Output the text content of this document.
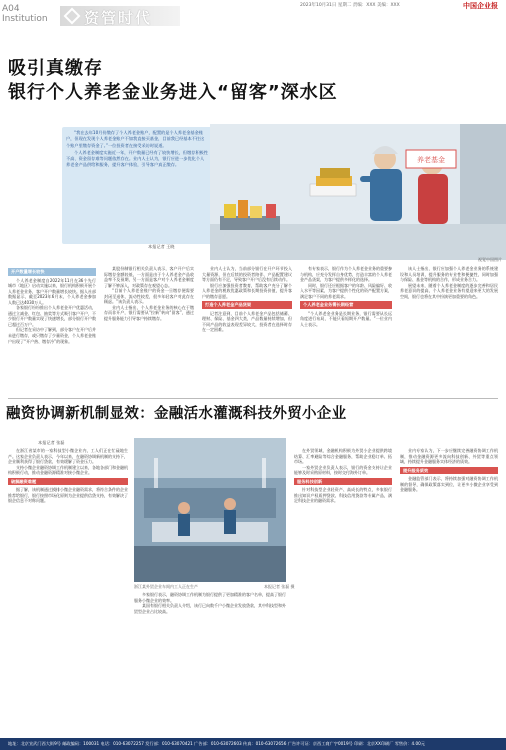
2023年10月31日 星期二 责编：XXX 美编：XXX	中国企业报
A04
Institution 资管时代
吸引真缴存
银行个人养老金业务进入“留客”深水区

“我在去年10月份缴存了个人养老金账户，配置的是个人养老金基金账户，但现在发现个人养老金账户不如我直接买基金，目前我已经基本不往这个账户里缴存资金了。”一位投资者在接受采访时说道。

个人养老金制度实施近一年，开户数量已经有了较快增长，但缴存积极性不高、资金留存难等问题依然存在。业内人士认为，银行应进一步优化个人养老金产品供给和服务，提升客户体验，引导客户真正缴存。

本报记者 王晓
养老基金
视觉中国图片
开户数量增长较快

个人养老金制度自2022年11月在36个先行城市（地区）启动实施以来，银行机构积极开展个人养老金业务，客户开户数量增长较快。据人社部数据显示，截至2023年6月末，个人养老金参加人数已达4030万人。

各家银行纷纷推出个人养老金开户优惠活动，通过立减金、红包、抽奖等方式吸引客户开户，不少银行开户数量实现了快速增长，部分银行开户数已超过百万户。

但记者在采访中了解到，部分客户在开户后并未进行缴存，或只缴存了少量资金，个人养老金账户出现了“开户热、缴存冷”的现象。

某股份制银行相关负责人表示，客户开户后实际缴存金额较低，一方面是由于个人养老金产品收益率不及预期，另一方面是客户对个人养老金制度了解不够深入，对政策存在观望心态。

“目前个人养老金账户的资金一旦缴存便需要封闭至退休，流动性较差，很多年轻客户对此存在顾虑。”该负责人表示。

业内人士指出，个人养老金业务的核心在于缴存而非开户，银行需要从“拉新”转向“留客”，通过提升服务能力引导客户持续缴存。

业内人士认为，当前部分银行在开户环节投入大量资源，但在后续的投资者陪伴、产品配置建议等方面仍有不足，导致客户开户后没有后续动作。

银行应加强投资者教育，帮助客户充分了解个人养老金的税收优惠政策和长期投资价值，提升客户的缴存意愿。

打造个人养老金产品货架

记者注意到，目前个人养老金产品包括储蓄、理财、保险、基金四大类，产品数量持续增加，但不同产品的收益表现差异较大，投资者在选择时存在一定困难。

有专家表示，银行作为个人养老金业务的重要参与机构，应充分发挥自身优势，打造丰富的个人养老金产品货架，为客户提供多样化的选择。

同时，银行还应根据客户的年龄、风险偏好、收入水平等因素，为客户提供个性化的资产配置方案，满足客户不同的养老需求。

个人养老金业务需长期经营

“个人养老金业务是长期业务，银行需要从长远角度进行布局，不能只看短期开户数量。”一位业内人士表示。

该人士指出，银行应加强个人养老金业务的系统建设和人员培训，提升服务的专业性和便捷性，同时加强与保险、基金等机构的合作，形成业务合力。

展望未来，随着个人养老金制度的逐步完善和居民养老意识的提高，个人养老金业务有望迎来更大的发展空间，银行也将在其中扮演更加重要的角色。

融资协调新机制显效：金融活水灌溉科技外贸小企业
本报记者 张磊

在浙江省某市的一家科技型小微企业内，工人们正在忙碌地生产。这家企业负责人表示，今年以来，在融资协调新机制的支持下，企业顺利获得了银行贷款，有效缓解了资金压力。

支持小微企业融资协调工作机制建立以来，各地各部门和金融机构积极行动，推动金融资源精准对接小微企业。

破解融资难题

据了解，该机制通过摸排小微企业融资需求，将符合条件的企业推荐给银行，银行按照市场化原则为企业提供信贷支持，有效解决了银企信息不对称问题。

浙江某外贸企业车间内工人正在生产	本报记者 张磊 摄

多家银行表示，融资协调工作机制为银行提供了更加精准的客户名单，提高了银行服务小微企业的效率。

某国有银行相关负责人介绍，该行已向数千户小微企业发放贷款，其中科技型和外贸型企业占比较高。

在外贸领域，金融机构积极为外贸小企业提供跨境结算、汇率避险等综合金融服务，帮助企业稳订单、拓市场。

一家外贸企业负责人表示，银行的资金支持让企业能够及时采购原材料，按时交付海外订单。

服务科技创新

针对科技型企业轻资产、高成长的特点，多家银行推出知识产权质押贷款、科技信用贷款等专属产品，满足科技企业的融资需求。

业内专家认为，下一步应继续完善融资协调工作机制，推动金融资源更多流向科技创新、外贸等重点领域，持续提升金融服务实体经济的质效。

提升服务质效

金融监管部门表示，将持续加强对融资协调工作机制的督导，确保政策落实到位，让更多小微企业享受到金融服务。

地址：北京宣武门西大街9号 邮政编码：100031 电话：010-63072257 发行部：010-63070421 广告部：010-63072603 传真：010-63072656 广告许可证：京西工商广字0019号 印刷：北京XX印刷厂 零售价：4.00元
